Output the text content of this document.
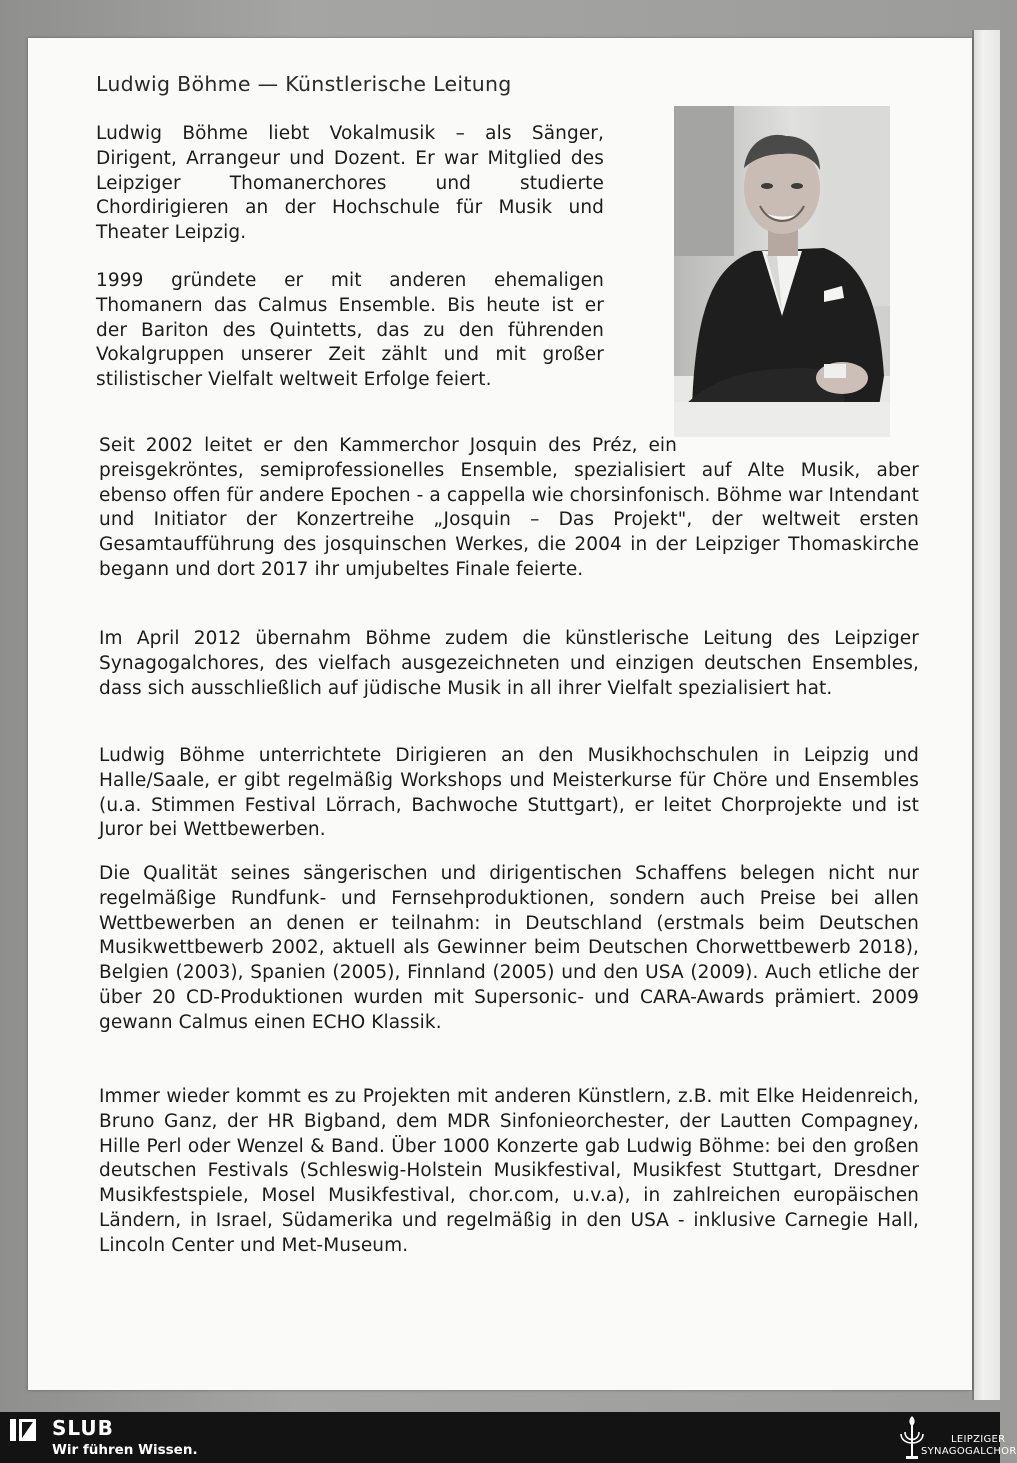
Ludwig Böhme — Künstlerische Leitung

Ludwig Böhme liebt Vokalmusik – als Sänger, Dirigent, Arrangeur und Dozent. Er war Mitglied des Leipziger Thomanerchores und studierte Chordirigieren an der Hochschule für Musik und Theater Leipzig.

1999 gründete er mit anderen ehemaligen Thomanern das Calmus Ensemble. Bis heute ist er der Bariton des Quintetts, das zu den führenden Vokalgruppen unserer Zeit zählt und mit großer stilistischer Vielfalt weltweit Erfolge feiert.

Seit 2002 leitet er den Kammerchor Josquin des Préz, ein preisgekröntes, semiprofessionelles Ensemble, spezialisiert auf Alte Musik, aber ebenso offen für andere Epochen - a cappella wie chorsinfonisch. Böhme war Intendant und Initiator der Konzertreihe „Josquin – Das Projekt", der weltweit ersten Gesamtaufführung des josquinschen Werkes, die 2004 in der Leipziger Thomaskirche begann und dort 2017 ihr umjubeltes Finale feierte.

Im April 2012 übernahm Böhme zudem die künstlerische Leitung des Leipziger Synagogalchores, des vielfach ausgezeichneten und einzigen deutschen Ensembles, dass sich ausschließlich auf jüdische Musik in all ihrer Vielfalt spezialisiert hat.

Ludwig Böhme unterrichtete Dirigieren an den Musikhochschulen in Leipzig und Halle/Saale, er gibt regelmäßig Workshops und Meisterkurse für Chöre und Ensembles (u.a. Stimmen Festival Lörrach, Bachwoche Stuttgart), er leitet Chorprojekte und ist Juror bei Wettbewerben.

Die Qualität seines sängerischen und dirigentischen Schaffens belegen nicht nur regelmäßige Rundfunk- und Fernsehproduktionen, sondern auch Preise bei allen Wettbewerben an denen er teilnahm: in Deutschland (erstmals beim Deutschen Musikwettbewerb 2002, aktuell als Gewinner beim Deutschen Chorwettbewerb 2018), Belgien (2003), Spanien (2005), Finnland (2005) und den USA (2009). Auch etliche der über 20 CD-Produktionen wurden mit Supersonic- und CARA-Awards prämiert. 2009 gewann Calmus einen ECHO Klassik.

Immer wieder kommt es zu Projekten mit anderen Künstlern, z.B. mit Elke Heidenreich, Bruno Ganz, der HR Bigband, dem MDR Sinfonieorchester, der Lautten Compagney, Hille Perl oder Wenzel & Band. Über 1000 Konzerte gab Ludwig Böhme: bei den großen deutschen Festivals (Schleswig-Holstein Musikfestival, Musikfest Stuttgart, Dresdner Musikfestspiele, Mosel Musikfestival, chor.com, u.v.a), in zahlreichen europäischen Ländern, in Israel, Südamerika und regelmäßig in den USA - inklusive Carnegie Hall, Lincoln Center und Met-Museum.

SLUB
Wir führen Wissen.
LEIPZIGER
SYNAGOGALCHOR
